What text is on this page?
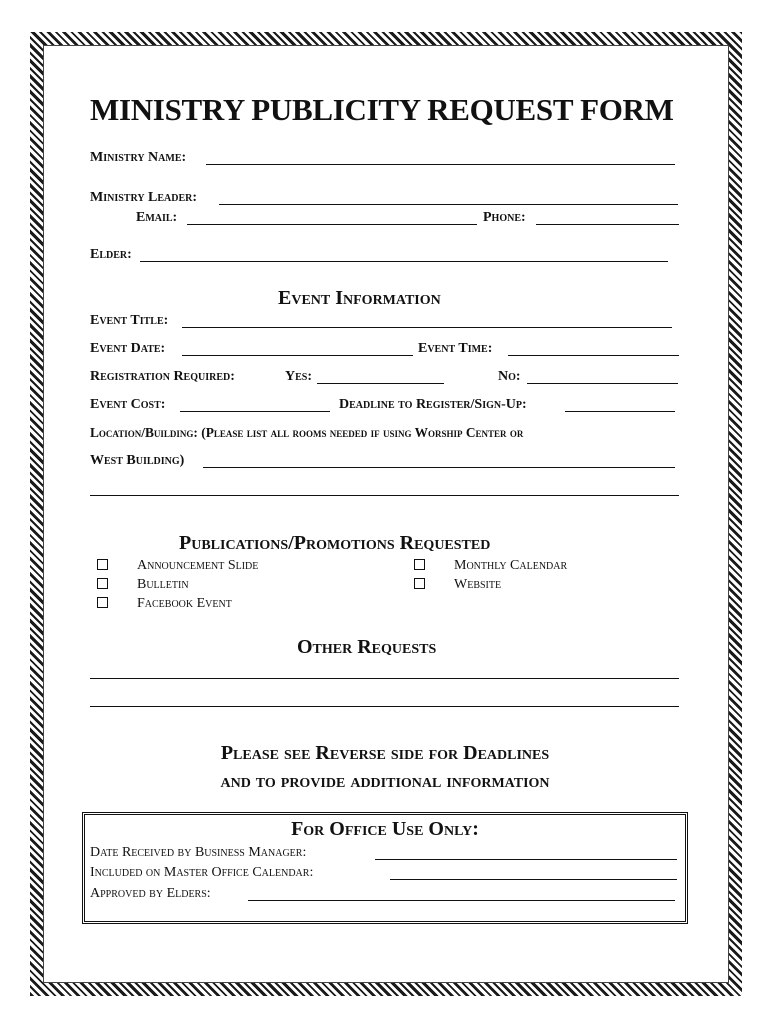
MINISTRY PUBLICITY REQUEST FORM
Ministry Name:
Ministry Leader:
Email:	Phone:
Elder:
Event Information
Event Title:
Event Date:	Event Time:
Registration Required:	Yes:	No:
Event Cost:	Deadline to Register/Sign-Up:
Location/Building: (Please list all rooms needed if using Worship Center or
West Building)
Publications/Promotions Requested
Announcement Slide
Bulletin
Facebook Event
Monthly Calendar
Website
Other Requests
Please see Reverse side for Deadlines
and to provide additional information
For Office Use Only:
Date Received by Business Manager:
Included on Master Office Calendar:
Approved by Elders:
